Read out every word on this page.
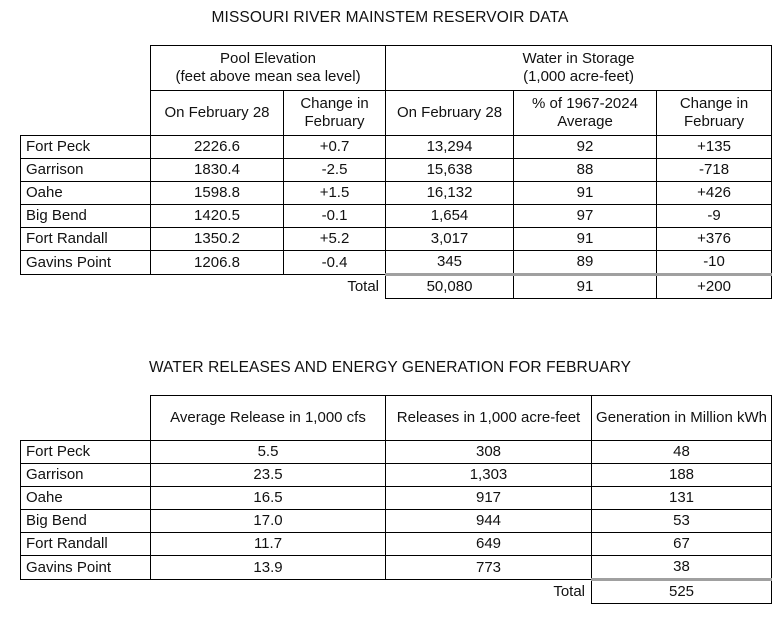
MISSOURI RIVER MAINSTEM RESERVOIR DATA
	Pool Elevation
(feet above mean sea level)		Water in Storage
(1,000 acre-feet)		
	On February 28	Change in February	On February 28	% of 1967-2024 Average	Change in February
Fort Peck	2226.6	+0.7	13,294	92	+135
Garrison	1830.4	-2.5	15,638	88	-718
Oahe	1598.8	+1.5	16,132	91	+426
Big Bend	1420.5	-0.1	1,654	97	-9
Fort Randall	1350.2	+5.2	3,017	91	+376
Gavins Point	1206.8	-0.4	345	89	-10
		Total	50,080	91	+200
WATER RELEASES AND ENERGY GENERATION FOR FEBRUARY
	Average Release in 1,000 cfs	Releases in 1,000 acre-feet	Generation in Million kWh
Fort Peck	5.5	308	48
Garrison	23.5	1,303	188
Oahe	16.5	917	131
Big Bend	17.0	944	53
Fort Randall	11.7	649	67
Gavins Point	13.9	773	38
		Total	525
